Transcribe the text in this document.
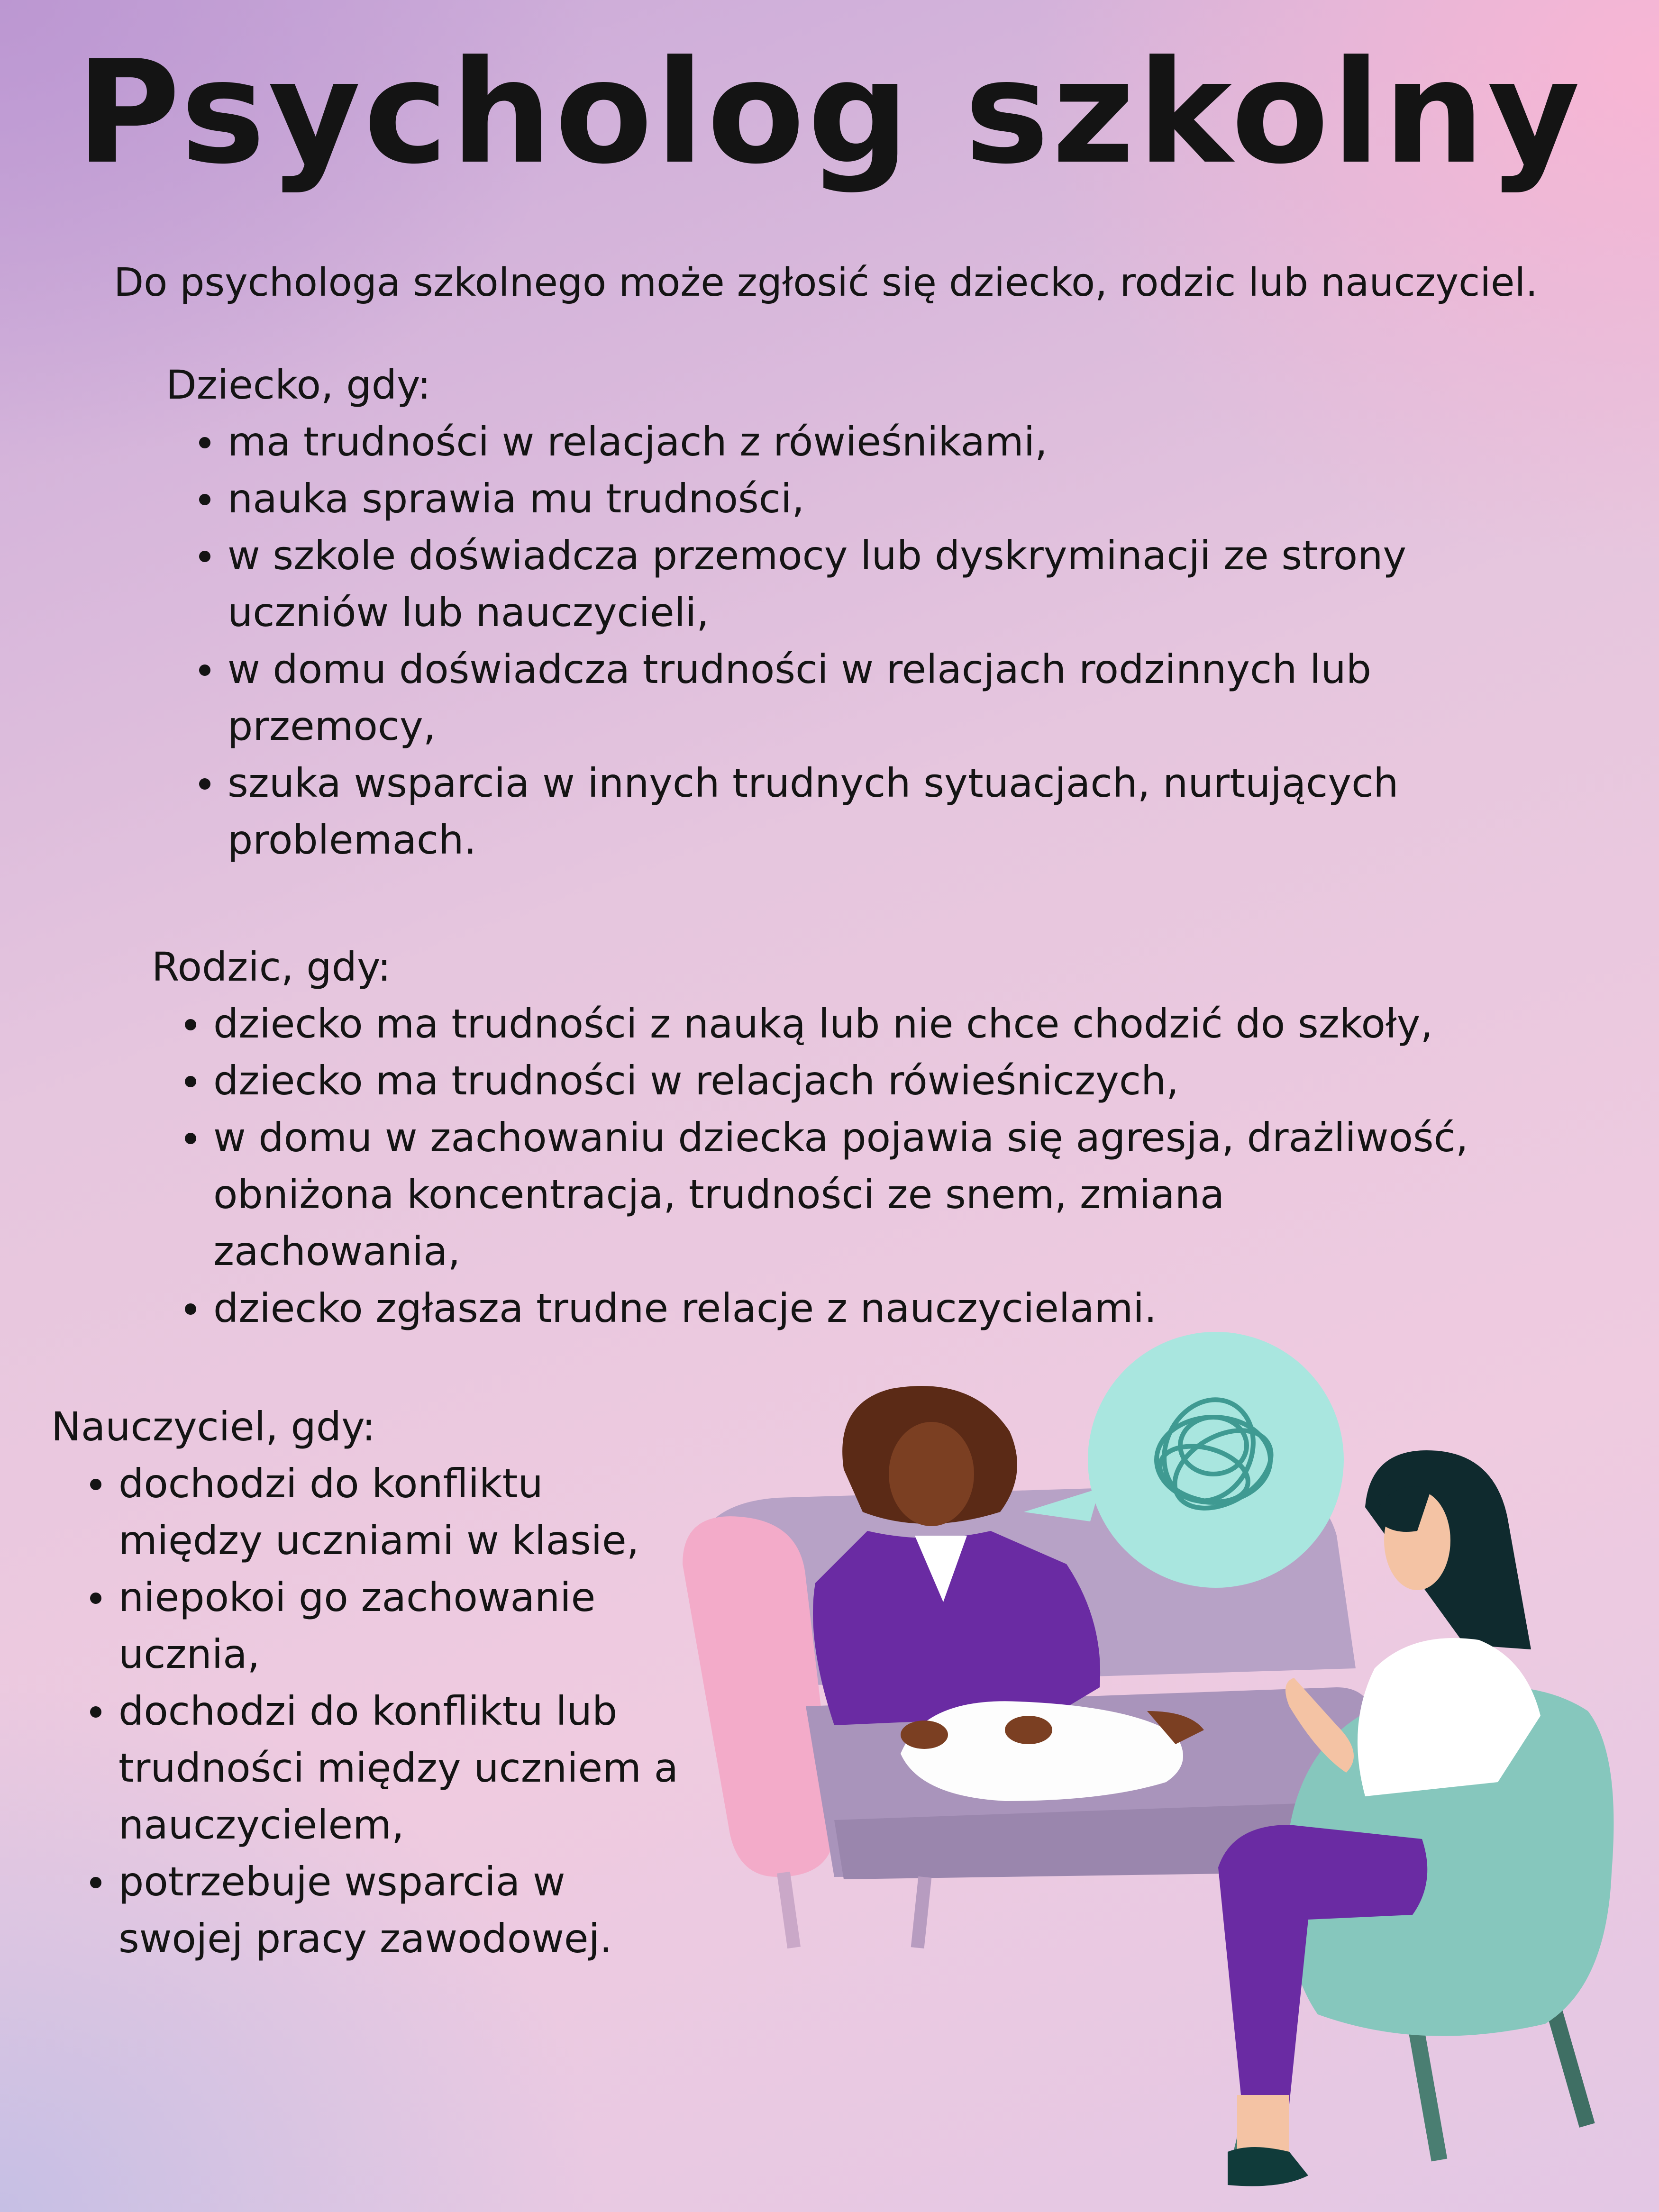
Psycholog szkolny

Do psychologa szkolnego może zgłosić się dziecko, rodzic lub nauczyciel.

Dziecko, gdy:
ma trudności w relacjach z rówieśnikami,
nauka sprawia mu trudności,
w szkole doświadcza przemocy lub dyskryminacji ze strony uczniów lub nauczycieli,
w domu doświadcza trudności w relacjach rodzinnych lub przemocy,
szuka wsparcia w innych trudnych sytuacjach, nurtujących problemach.
Rodzic, gdy:
dziecko ma trudności z nauką lub nie chce chodzić do szkoły,
dziecko ma trudności w relacjach rówieśniczych,
w domu w zachowaniu dziecka pojawia się agresja, drażliwość, obniżona koncentracja, trudności ze snem, zmiana zachowania,
dziecko zgłasza trudne relacje z nauczycielami.
Nauczyciel, gdy:
dochodzi do konfliktu między uczniami w klasie,
niepokoi go zachowanie ucznia,
dochodzi do konfliktu lub trudności między uczniem a nauczycielem,
potrzebuje wsparcia w swojej pracy zawodowej.
